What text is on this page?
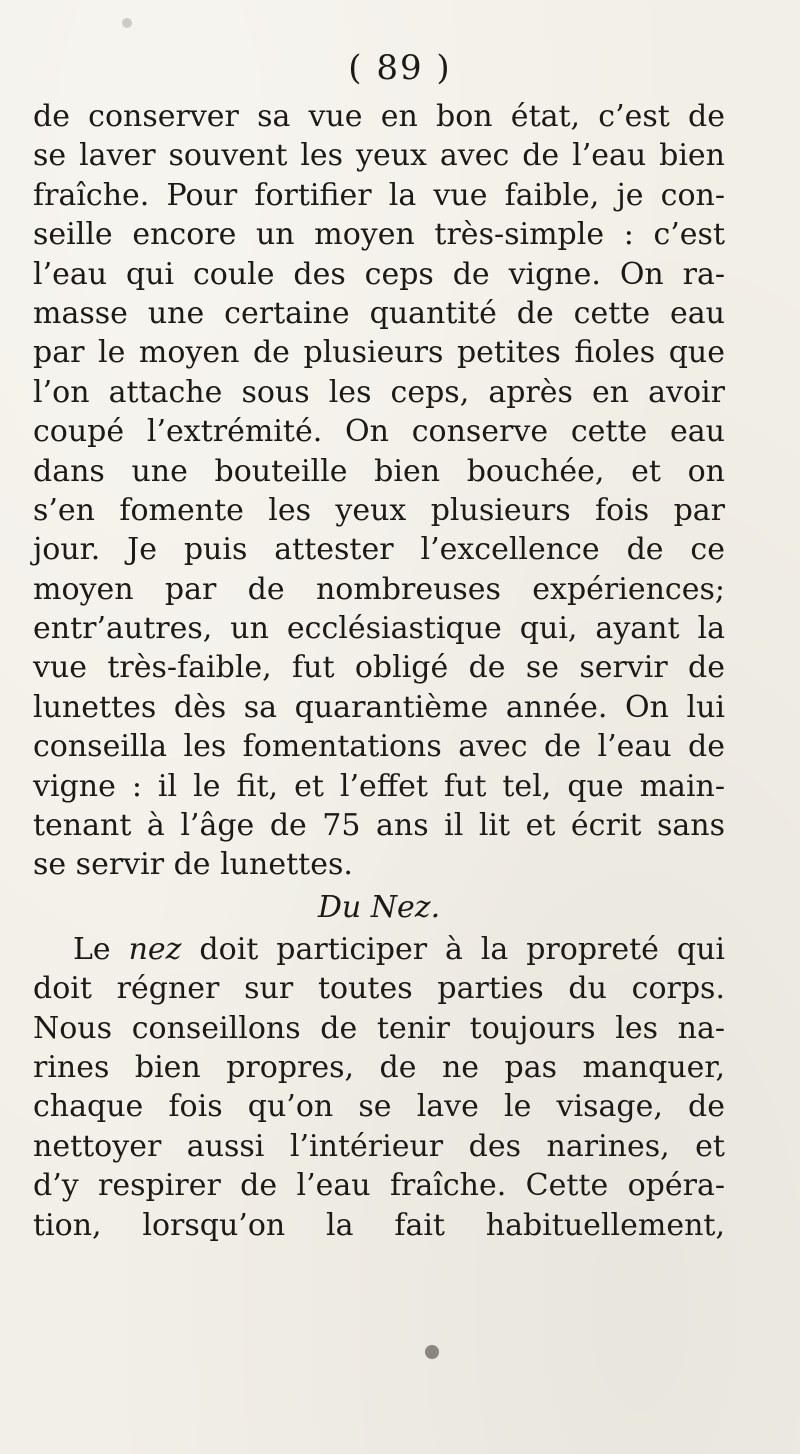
( 89 )
de conserver sa vue en bon état, c’est de
se laver souvent les yeux avec de l’eau bien
fraîche. Pour fortifier la vue faible, je con-
seille encore un moyen très-simple : c’est
l’eau qui coule des ceps de vigne. On ra-
masse une certaine quantité de cette eau
par le moyen de plusieurs petites fioles que
l’on attache sous les ceps, après en avoir
coupé l’extrémité. On conserve cette eau
dans une bouteille bien bouchée, et on
s’en fomente les yeux plusieurs fois par
jour. Je puis attester l’excellence de ce
moyen par de nombreuses expériences;
entr’autres, un ecclésiastique qui, ayant la
vue très-faible, fut obligé de se servir de
lunettes dès sa quarantième année. On lui
conseilla les fomentations avec de l’eau de
vigne : il le fit, et l’effet fut tel, que main-
tenant à l’âge de 75 ans il lit et écrit sans
se servir de lunettes.
Du Nez.
Le nez doit participer à la propreté qui
doit régner sur toutes parties du corps.
Nous conseillons de tenir toujours les na-
rines bien propres, de ne pas manquer,
chaque fois qu’on se lave le visage, de
nettoyer aussi l’intérieur des narines, et
d’y respirer de l’eau fraîche. Cette opéra-
tion, lorsqu’on la fait habituellement,
